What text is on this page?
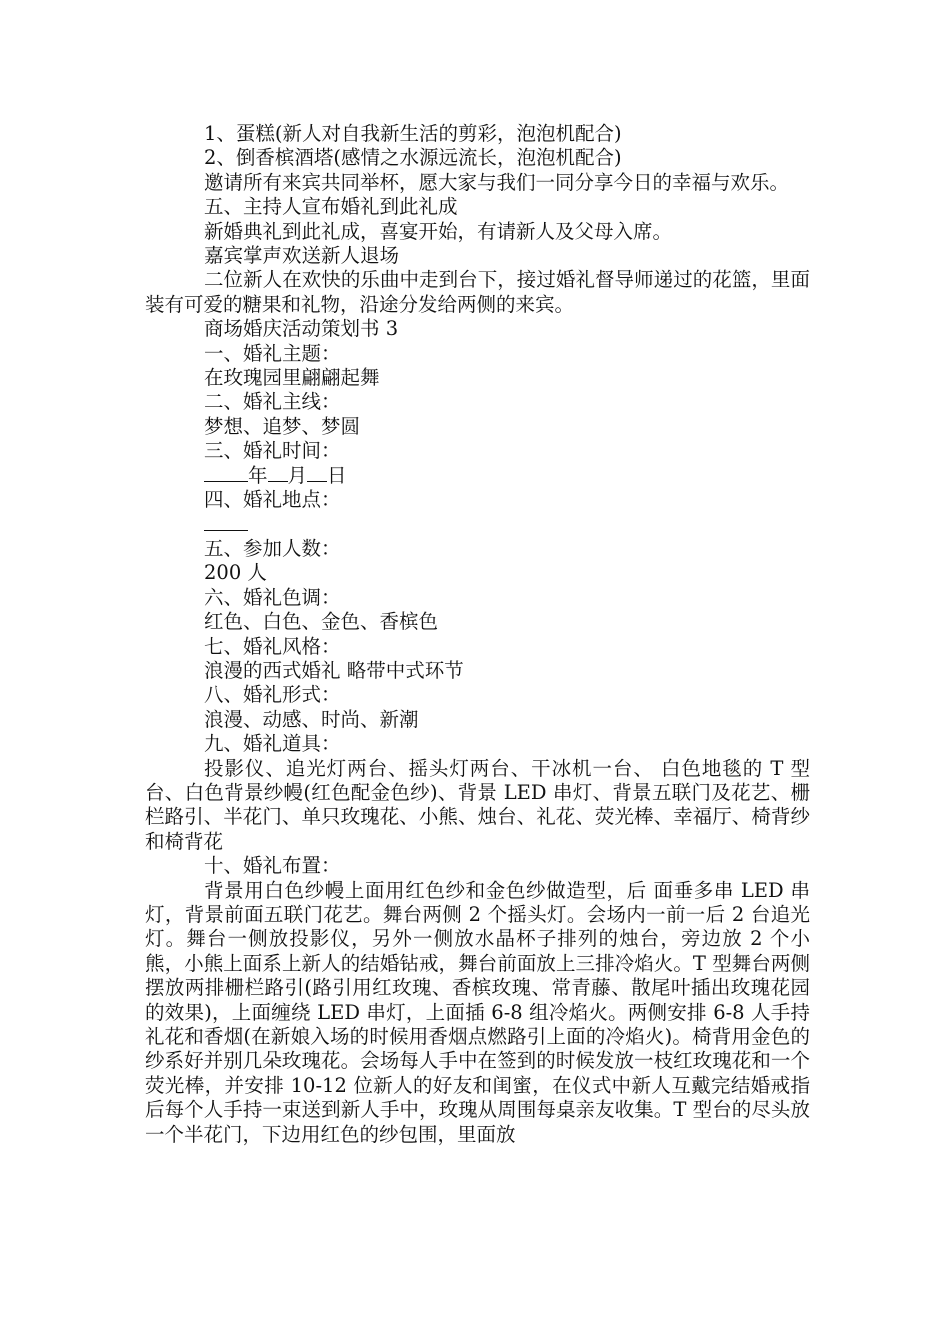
1、蛋糕(新人对自我新生活的剪彩，泡泡机配合)

2、倒香槟酒塔(感情之水源远流长，泡泡机配合)

邀请所有来宾共同举杯，愿大家与我们一同分享今日的幸福与欢乐。

五、主持人宣布婚礼到此礼成

新婚典礼到此礼成，喜宴开始，有请新人及父母入席。

嘉宾掌声欢送新人退场

二位新人在欢快的乐曲中走到台下，接过婚礼督导师递过的花篮，里面装有可爱的糖果和礼物，沿途分发给两侧的来宾。

商场婚庆活动策划书 3

一、婚礼主题：

在玫瑰园里翩翩起舞

二、婚礼主线：

梦想、追梦、梦圆

三、婚礼时间：

年 月 日

四、婚礼地点：

五、参加人数：

200 人

六、婚礼色调：

红色、白色、金色、香槟色

七、婚礼风格：

浪漫的西式婚礼 略带中式环节

八、婚礼形式：

浪漫、动感、时尚、新潮

九、婚礼道具：

投影仪、追光灯两台、摇头灯两台、干冰机一台、 白色地毯的 T 型台、白色背景纱幔(红色配金色纱)、背景 LED 串灯、背景五联门及花艺、栅栏路引、半花门、单只玫瑰花、小熊、烛台、礼花、荧光棒、幸福厅、椅背纱和椅背花

十、婚礼布置：

背景用白色纱幔上面用红色纱和金色纱做造型，后 面垂多串 LED 串灯，背景前面五联门花艺。舞台两侧 2 个摇头灯。会场内一前一后 2 台追光灯。舞台一侧放投影仪，另外一侧放水晶杯子排列的烛台，旁边放 2 个小熊，小熊上面系上新人的结婚钻戒，舞台前面放上三排冷焰火。T 型舞台两侧摆放两排栅栏路引(路引用红玫瑰、香槟玫瑰、常青藤、散尾叶插出玫瑰花园的效果)，上面缠绕 LED 串灯，上面插 6-8 组冷焰火。两侧安排 6-8 人手持礼花和香烟(在新娘入场的时候用香烟点燃路引上面的冷焰火)。椅背用金色的纱系好并别几朵玫瑰花。会场每人手中在签到的时候发放一枝红玫瑰花和一个荧光棒，并安排 10-12 位新人的好友和闺蜜，在仪式中新人互戴完结婚戒指后每个人手持一束送到新人手中，玫瑰从周围每桌亲友收集。T 型台的尽头放一个半花门，下边用红色的纱包围，里面放
